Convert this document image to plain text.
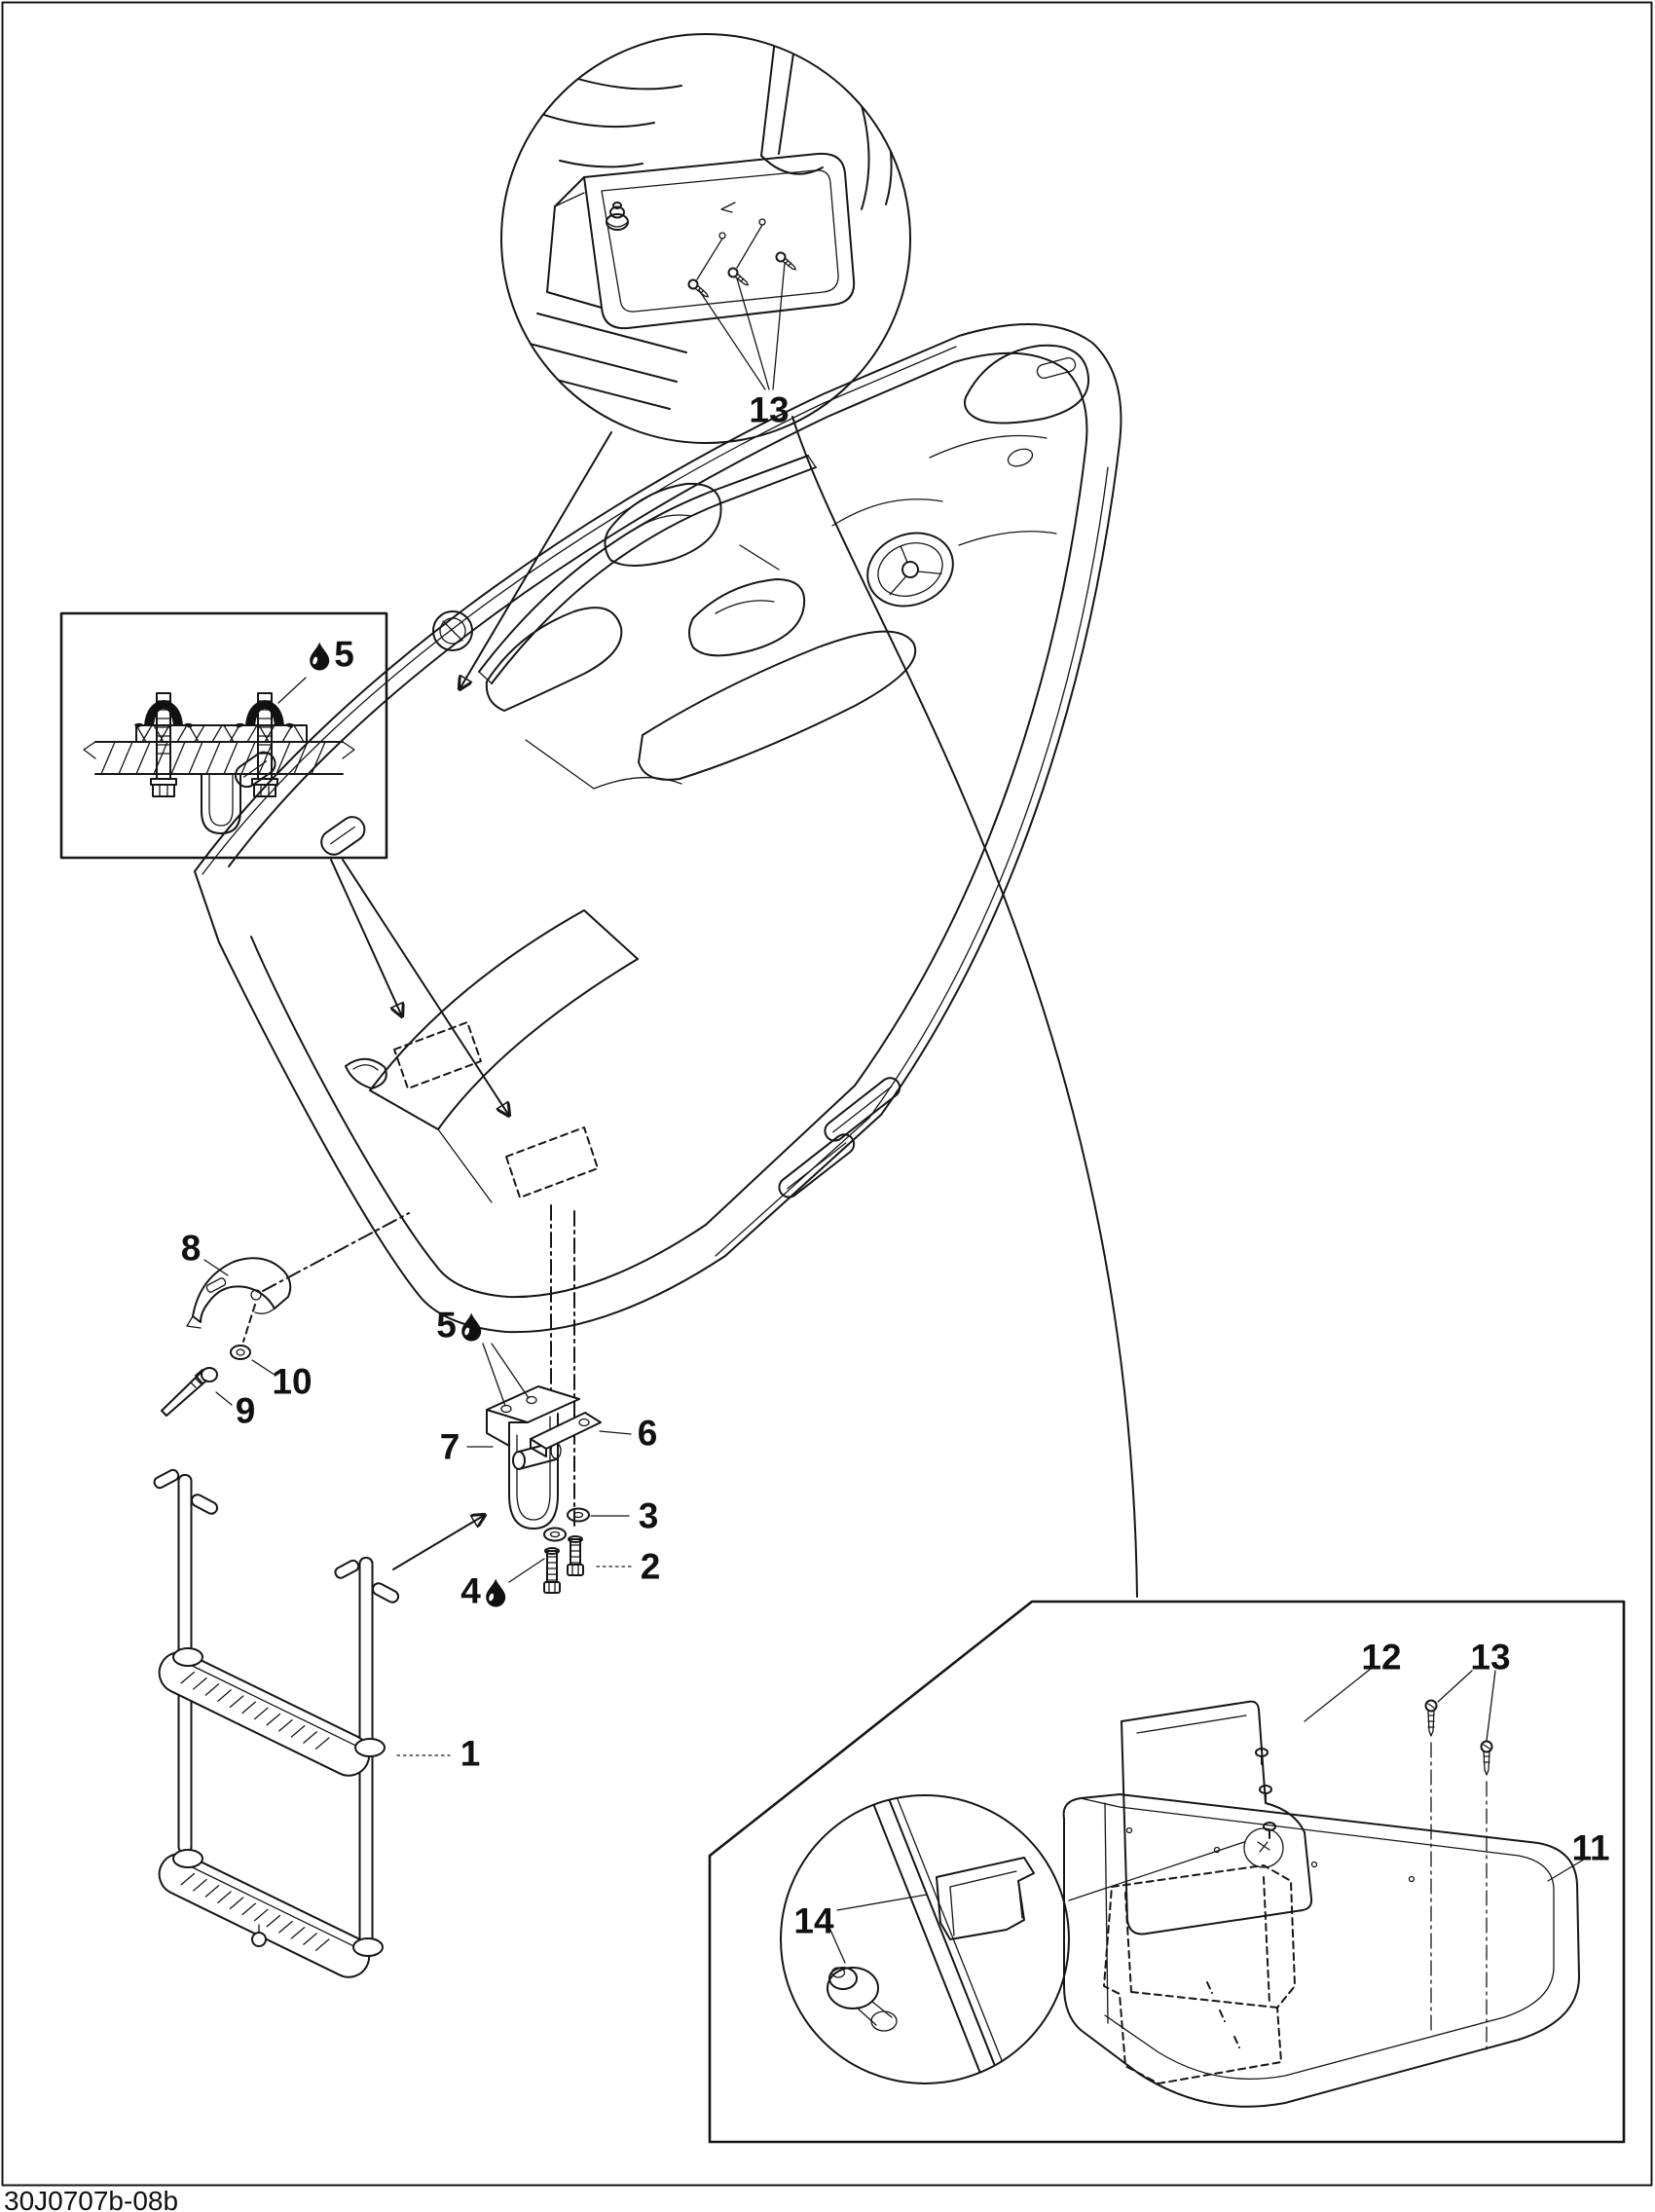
13
5
8
10
9
5
7	6
3
2
4
1
12 13
11
14
30J0707b-08b
